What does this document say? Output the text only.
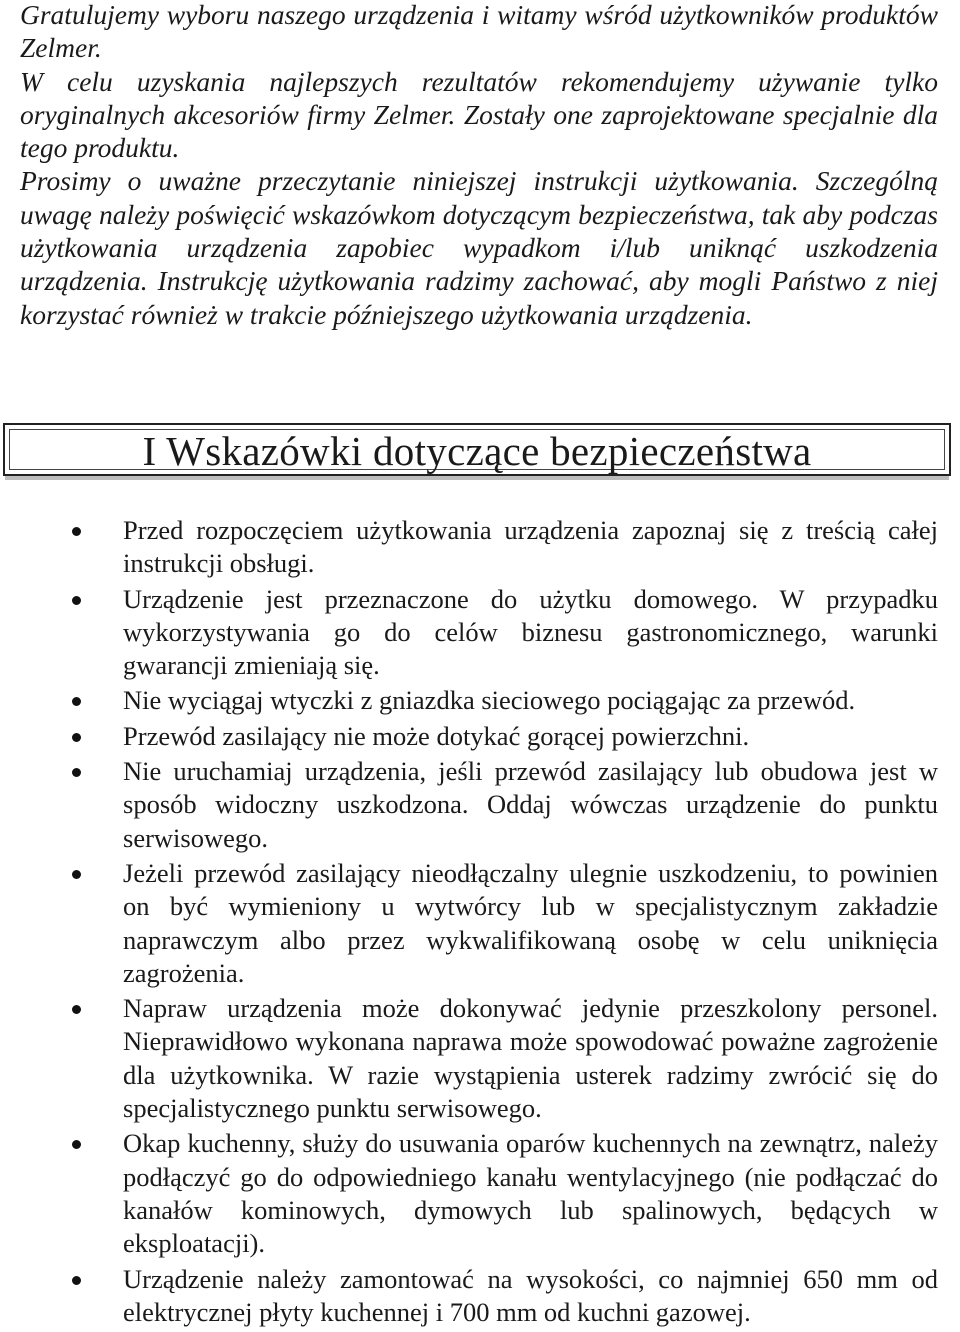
Gratulujemy wyboru naszego urządzenia i witamy wśród użytkowników produktów Zelmer.

W celu uzyskania najlepszych rezultatów rekomendujemy używanie tylko oryginalnych akcesoriów firmy Zelmer. Zostały one zaprojektowane specjalnie dla tego produktu.

Prosimy o uważne przeczytanie niniejszej instrukcji użytkowania. Szczególną uwagę należy poświęcić wskazówkom dotyczącym bezpieczeństwa, tak aby podczas użytkowania urządzenia zapobiec wypadkom i/lub uniknąć uszkodzenia urządzenia. Instrukcję użytkowania radzimy zachować, aby mogli Państwo z niej korzystać również w trakcie późniejszego użytkowania urządzenia.

I Wskazówki dotyczące bezpieczeństwa
Przed rozpoczęciem użytkowania urządzenia zapoznaj się z treścią całej instrukcji obsługi.
Urządzenie jest przeznaczone do użytku domowego. W przypadku wykorzystywania go do celów biznesu gastronomicznego, warunki gwarancji zmieniają się.
Nie wyciągaj wtyczki z gniazdka sieciowego pociągając za przewód.
Przewód zasilający nie może dotykać gorącej powierzchni.
Nie uruchamiaj urządzenia, jeśli przewód zasilający lub obudowa jest w sposób widoczny uszkodzona. Oddaj wówczas urządzenie do punktu serwisowego.
Jeżeli przewód zasilający nieodłączalny ulegnie uszkodzeniu, to powinien on być wymieniony u wytwórcy lub w specjalistycznym zakładzie naprawczym albo przez wykwalifikowaną osobę w celu uniknięcia zagrożenia.
Napraw urządzenia może dokonywać jedynie przeszkolony personel. Nieprawidłowo wykonana naprawa może spowodować poważne zagrożenie dla użytkownika. W razie wystąpienia usterek radzimy zwrócić się do specjalistycznego punktu serwisowego.
Okap kuchenny, służy do usuwania oparów kuchennych na zewnątrz, należy podłączyć go do odpowiedniego kanału wentylacyjnego (nie podłączać do kanałów kominowych, dymowych lub spalinowych, będących w eksploatacji).
Urządzenie należy zamontować na wysokości, co najmniej 650 mm od elektrycznej płyty kuchennej i 700 mm od kuchni gazowej.
